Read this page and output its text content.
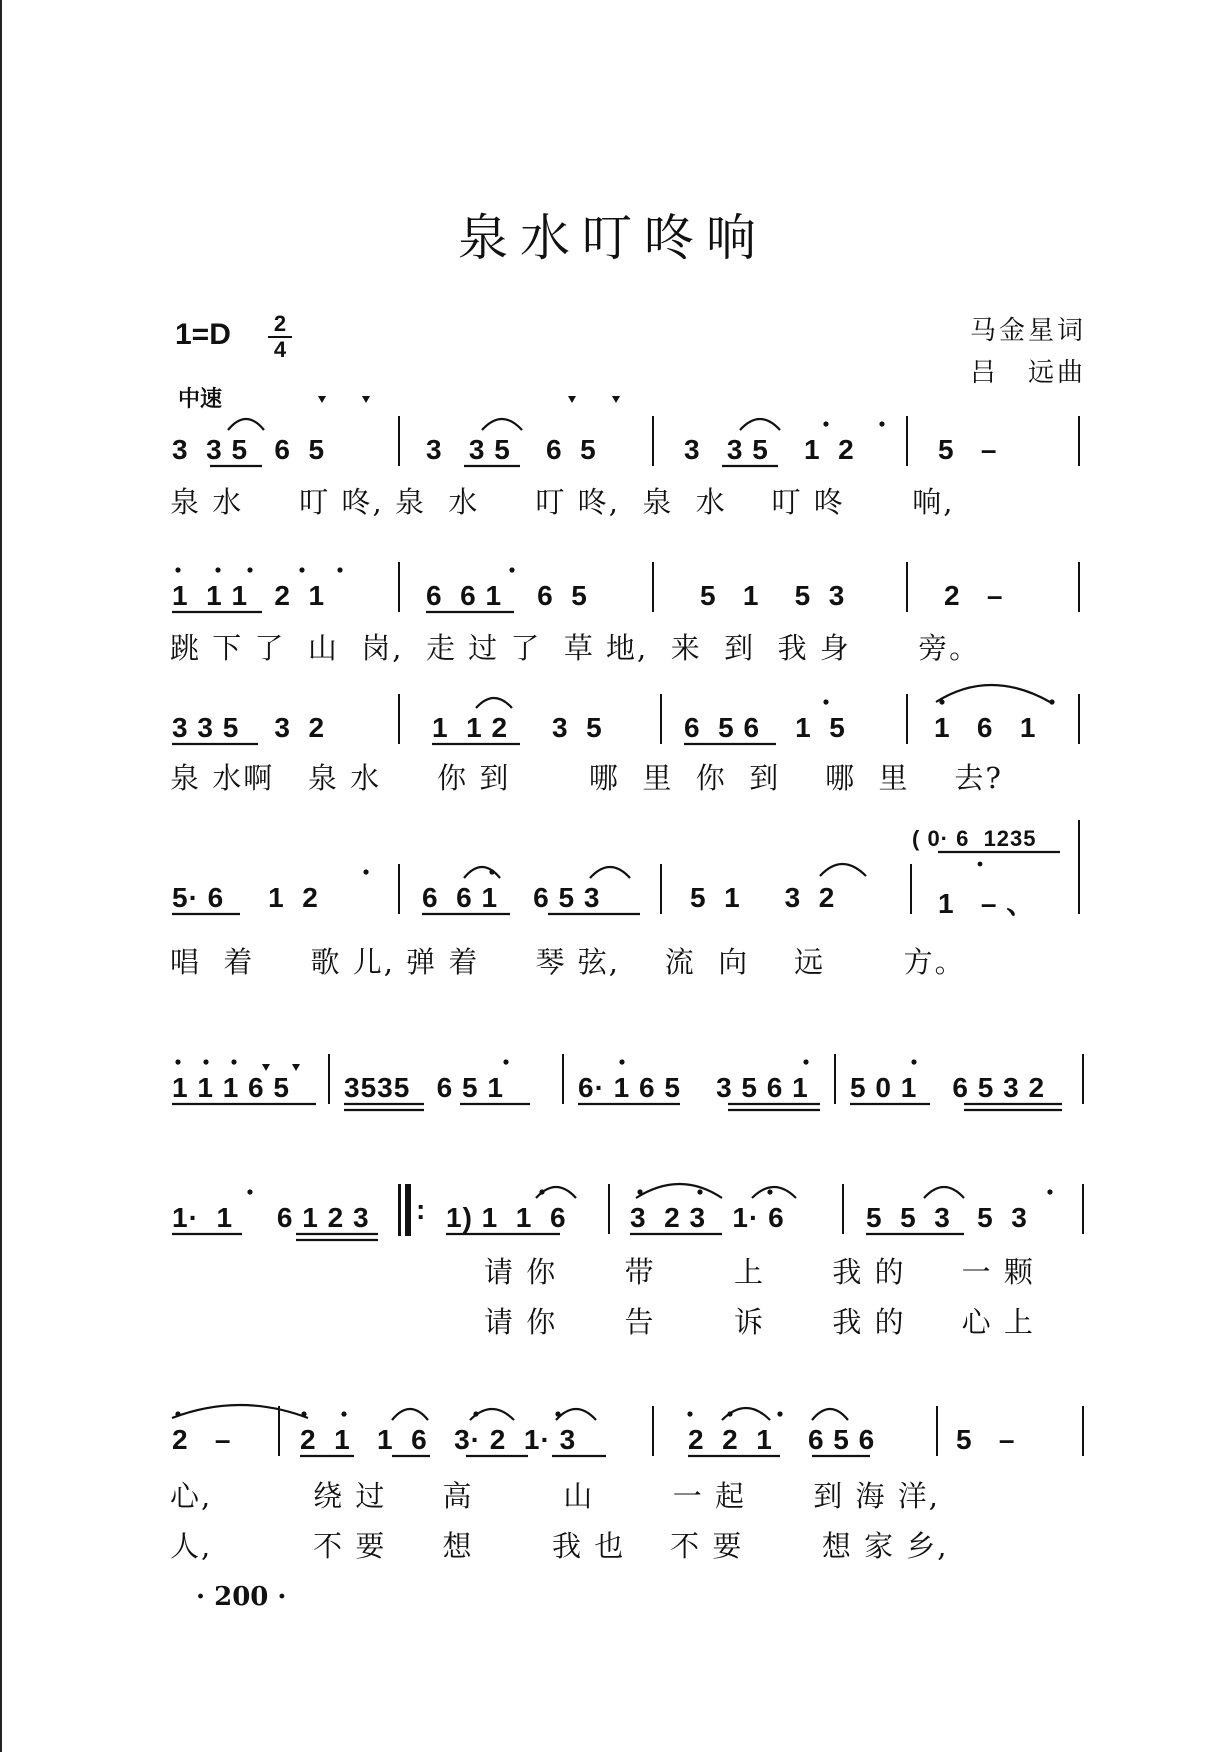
泉水叮咚响
1=D 2
4
中速
马金星词
吕　远曲
3  3 5   6  5	3   3 5    6  5	3   3 5    1  2	5   –
泉 水     叮 咚, 泉  水     叮 咚,  泉  水    叮 咚      响,
1  1 1   2  1	6  6 1    6  5	5   1    5  3	2   –
跳 下 了  山  岗,  走 过 了  草 地,  来  到  我 身      旁。
3 3 5    3  2	1  1 2     3  5	6  5 6    1  5	1   6   1
泉 水啊   泉 水     你 到       哪  里  你  到    哪  里    去?
( 0· 6  1235
5· 6     1  2	6  6 1    6 5 3	5  1     3  2	1   – 、
唱  着     歌 儿, 弹 着     琴 弦,    流  向    远       方。
1 1 1 6 5 3535   6 5 1	6· 1 6 5    3 5 6 1 5 0 1    6 5 3 2
1·  1     6 1 2 3 : 1) 1  1  6 3  2 3   1· 6	5  5  3   5  3
请 你      带       上      我 的     一 颗
请 你      告       诉      我 的     心 上
2   – 2  1   1  6   3· 2  1· 3	2  2  1    6 5 6	5   –
心,         绕 过     高        山       一 起      到 海 洋,
人,         不 要     想       我 也    不 要       想 家 乡,
· 200 ·
